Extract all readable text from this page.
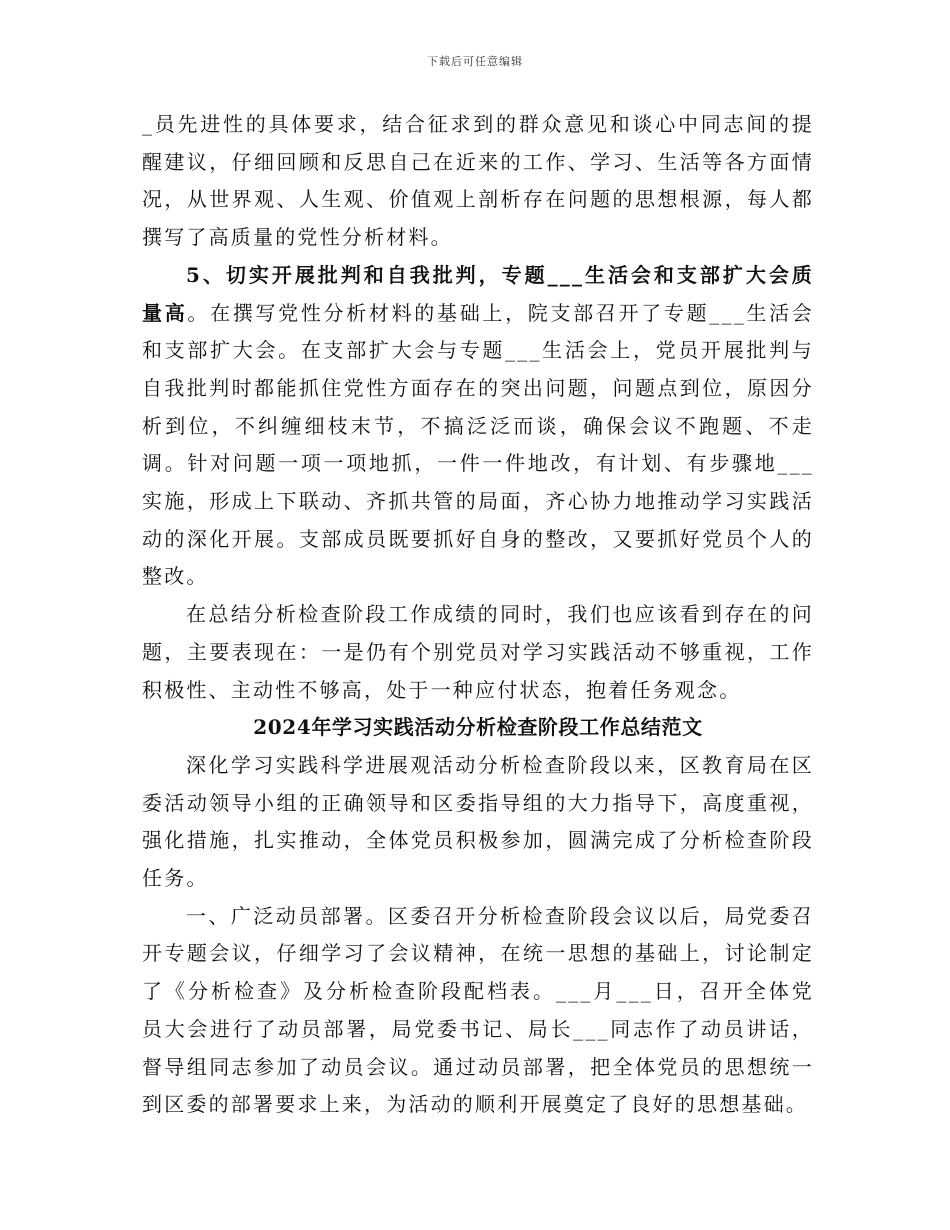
下载后可任意编辑

_员先进性的具体要求，结合征求到的群众意见和谈心中同志间的提醒建议，仔细回顾和反思自己在近来的工作、学习、生活等各方面情况，从世界观、人生观、价值观上剖析存在问题的思想根源，每人都撰写了高质量的党性分析材料。

5、切实开展批判和自我批判，专题___生活会和支部扩大会质量高。在撰写党性分析材料的基础上，院支部召开了专题___生活会和支部扩大会。在支部扩大会与专题___生活会上，党员开展批判与自我批判时都能抓住党性方面存在的突出问题，问题点到位，原因分析到位，不纠缠细枝末节，不搞泛泛而谈，确保会议不跑题、不走调。针对问题一项一项地抓，一件一件地改，有计划、有步骤地___实施，形成上下联动、齐抓共管的局面，齐心协力地推动学习实践活动的深化开展。支部成员既要抓好自身的整改，又要抓好党员个人的整改。

在总结分析检查阶段工作成绩的同时，我们也应该看到存在的问题，主要表现在：一是仍有个别党员对学习实践活动不够重视，工作积极性、主动性不够高，处于一种应付状态，抱着任务观念。

2024年学习实践活动分析检查阶段工作总结范文

深化学习实践科学进展观活动分析检查阶段以来，区教育局在区委活动领导小组的正确领导和区委指导组的大力指导下，高度重视，强化措施，扎实推动，全体党员积极参加，圆满完成了分析检查阶段任务。

一、广泛动员部署。区委召开分析检查阶段会议以后，局党委召开专题会议，仔细学习了会议精神，在统一思想的基础上，讨论制定了《分析检查》及分析检查阶段配档表。___月___日，召开全体党员大会进行了动员部署，局党委书记、局长___同志作了动员讲话，督导组同志参加了动员会议。通过动员部署，把全体党员的思想统一到区委的部署要求上来，为活动的顺利开展奠定了良好的思想基础。
